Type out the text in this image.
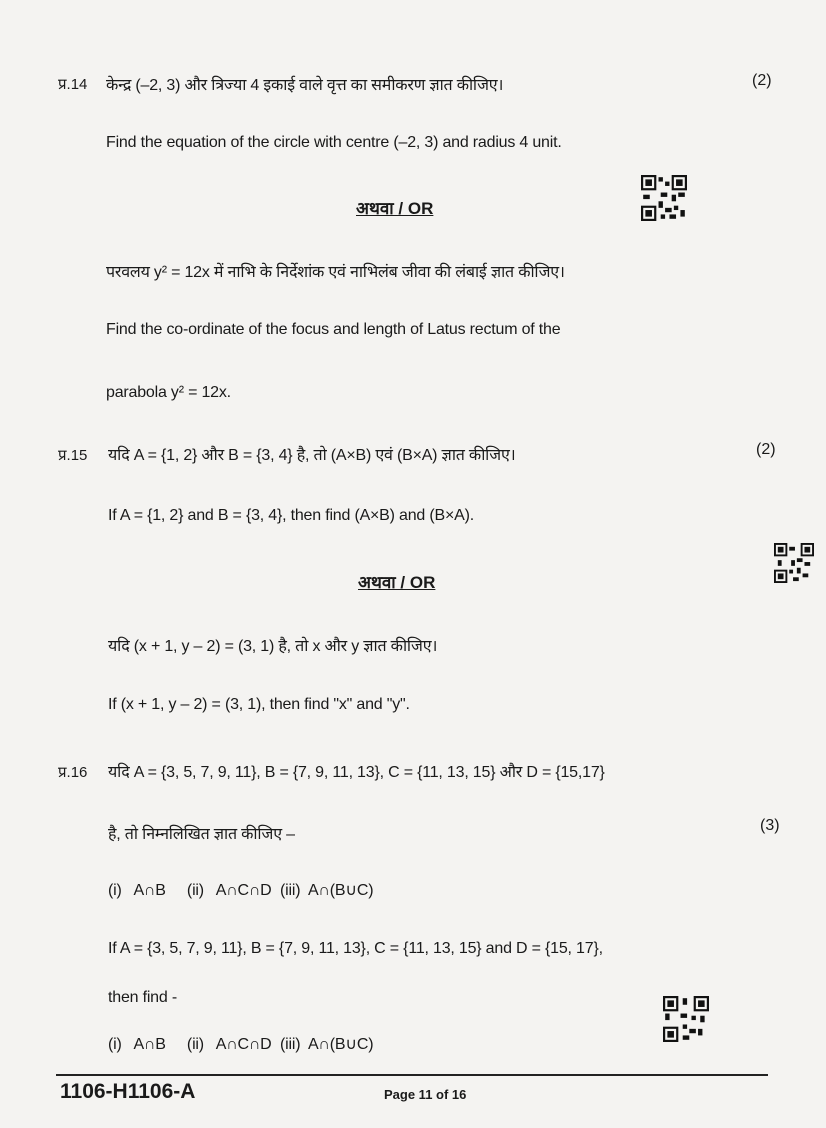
प्र.14 केन्द्र (–2, 3) और त्रिज्या 4 इकाई वाले वृत्त का समीकरण ज्ञात कीजिए।	(2)
Find the equation of the circle with centre (–2, 3) and radius 4 unit.
अथवा / OR
परवलय y² = 12x में नाभि के निर्देशांक एवं नाभिलंब जीवा की लंबाई ज्ञात कीजिए।
Find the co-ordinate of the focus and length of Latus rectum of the
parabola y² = 12x.
प्र.15 यदि A = {1, 2} और B = {3, 4} है, तो (A×B) एवं (B×A) ज्ञात कीजिए।	(2)
If A = {1, 2} and B = {3, 4}, then find (A×B) and (B×A).
अथवा / OR
यदि (x + 1, y – 2) = (3, 1) है, तो x और y ज्ञात कीजिए।
If (x + 1, y – 2) = (3, 1), then find "x" and "y".
प्र.16 यदि A = {3, 5, 7, 9, 11}, B = {7, 9, 11, 13}, C = {11, 13, 15} और D = {15,17}
है, तो निम्नलिखित ज्ञात कीजिए –
(3)
(i)   A∩B     (ii)   A∩C∩D  (iii)  A∩(B∪C)
If A = {3, 5, 7, 9, 11}, B = {7, 9, 11, 13}, C = {11, 13, 15} and D = {15, 17},
then find -
(i)   A∩B     (ii)   A∩C∩D  (iii)  A∩(B∪C)
1106-H1106-A	Page 11 of 16
